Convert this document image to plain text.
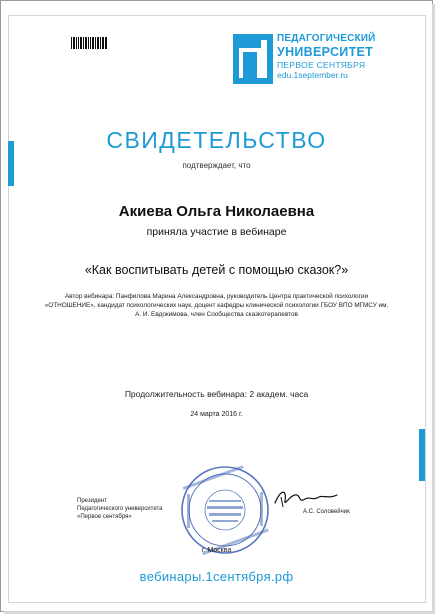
ПЕДАГОГИЧЕСКИЙ
УНИВЕРСИТЕТ
ПЕРВОЕ СЕНТЯБРЯ
edu.1september.ru
СВИДЕТЕЛЬСТВО
подтверждает, что
Акиева Ольга Николаевна
приняла участие в вебинаре
«Как воспитывать детей с помощью сказок?»
Автор вебинара: Панфилова Марина Александровна, руководитель Центра практической психологии «ОТНОШЕНИЕ», кандидат психологических наук, доцент кафедры клинической психологии ГБОУ ВПО МГМСУ им. А. И. Евдокимова, член Сообщества сказкотерапевтов
Продолжительность вебинара: 2 академ. часа
24 марта 2016 г.
Президент
Педагогического университета
«Первое сентября»
А.С. Соловейчик
г. Москва
вебинары.1сентября.рф
